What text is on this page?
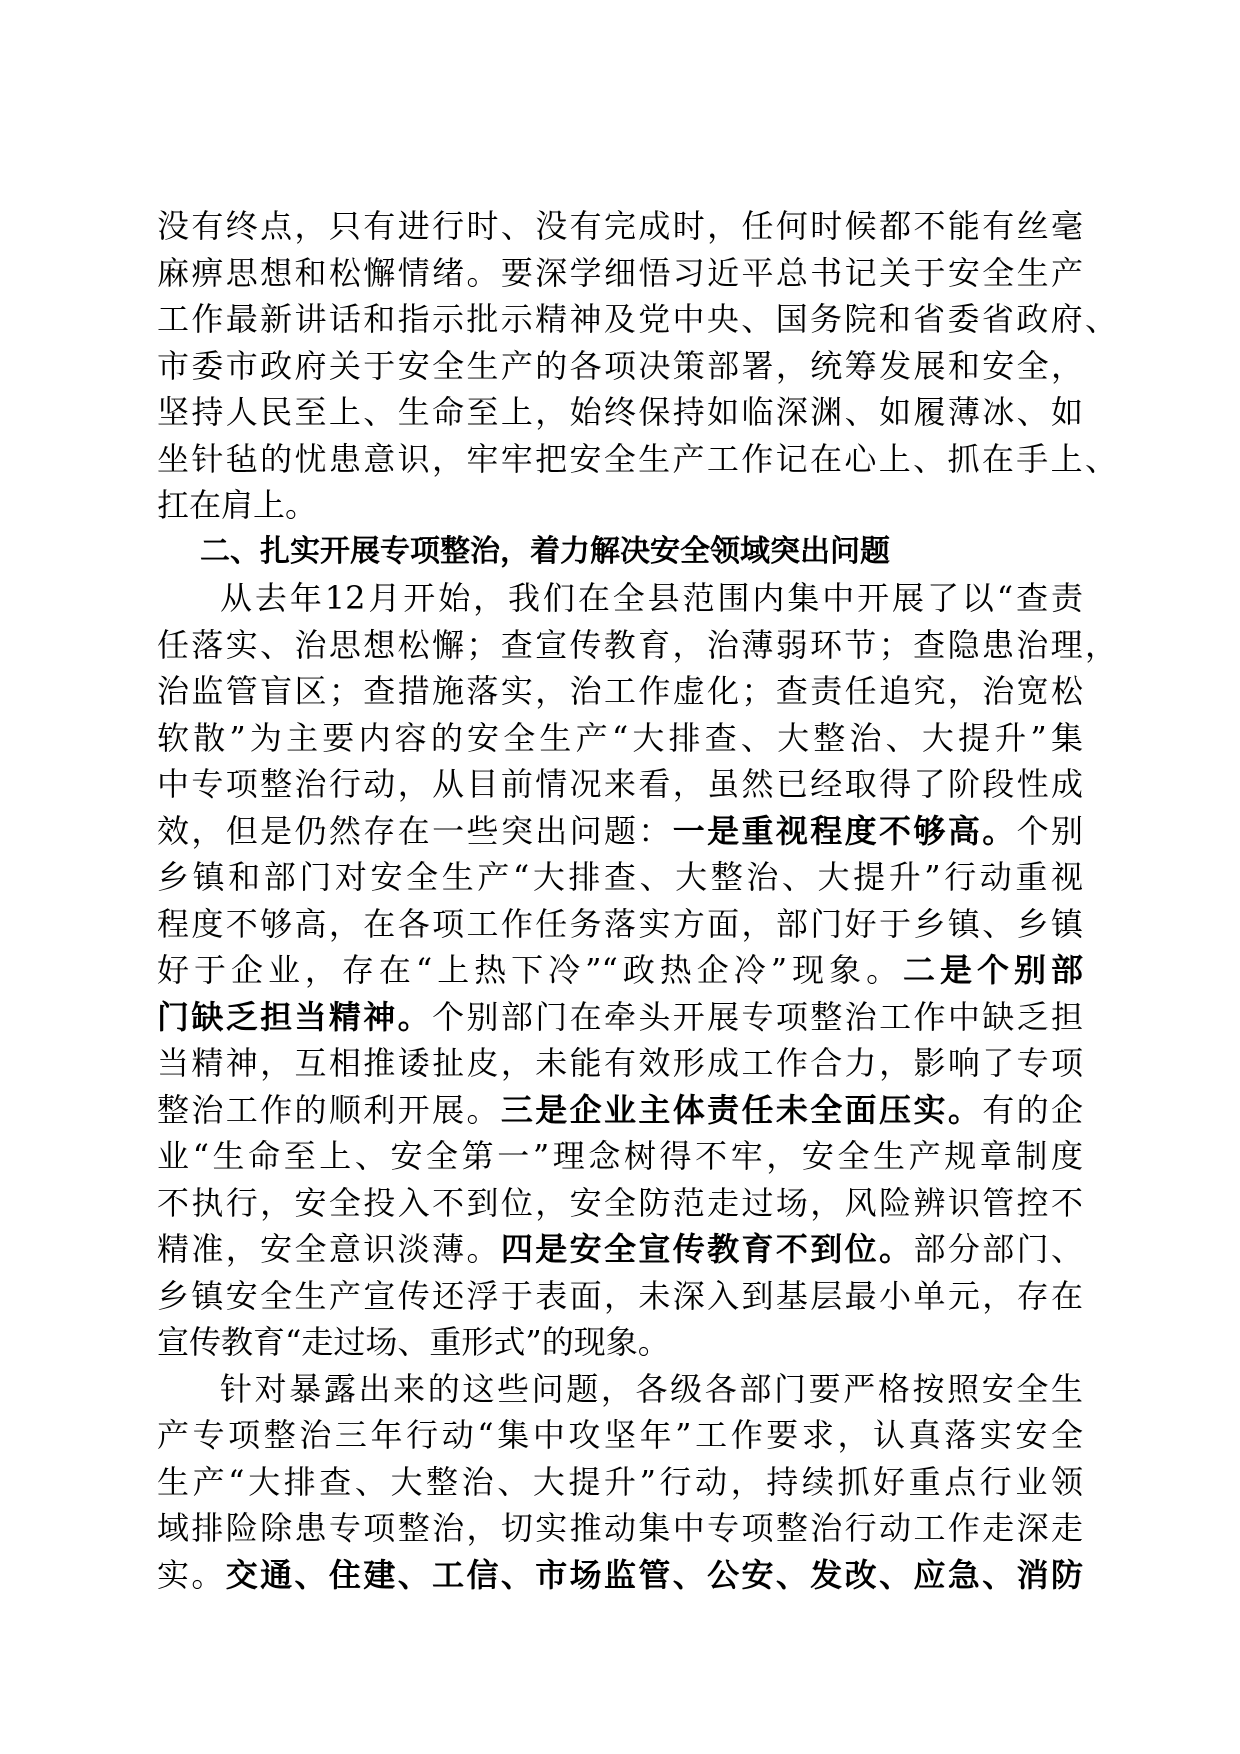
没有终点，只有进行时、没有完成时，任何时候都不能有丝毫
麻痹思想和松懈情绪。要深学细悟习近平总书记关于安全生产
工作最新讲话和指示批示精神及党中央、国务院和省委省政府、
市委市政府关于安全生产的各项决策部署，统筹发展和安全，
坚持人民至上、生命至上，始终保持如临深渊、如履薄冰、如
坐针毡的忧患意识，牢牢把安全生产工作记在心上、抓在手上、
扛在肩上。
二、扎实开展专项整治，着力解决安全领域突出问题
从去年12月开始，我们在全县范围内集中开展了以“查责
任落实、治思想松懈；查宣传教育，治薄弱环节；查隐患治理，
治监管盲区；查措施落实，治工作虚化；查责任追究，治宽松
软散”为主要内容的安全生产“大排查、大整治、大提升”集
中专项整治行动，从目前情况来看，虽然已经取得了阶段性成
效，但是仍然存在一些突出问题：一是重视程度不够高。个别
乡镇和部门对安全生产“大排查、大整治、大提升”行动重视
程度不够高，在各项工作任务落实方面，部门好于乡镇、乡镇
好于企业，存在“上热下冷”“政热企冷”现象。二是个别部
门缺乏担当精神。个别部门在牵头开展专项整治工作中缺乏担
当精神，互相推诿扯皮，未能有效形成工作合力，影响了专项
整治工作的顺利开展。三是企业主体责任未全面压实。有的企
业“生命至上、安全第一”理念树得不牢，安全生产规章制度
不执行，安全投入不到位，安全防范走过场，风险辨识管控不
精准，安全意识淡薄。四是安全宣传教育不到位。部分部门、
乡镇安全生产宣传还浮于表面，未深入到基层最小单元，存在
宣传教育“走过场、重形式”的现象。
针对暴露出来的这些问题，各级各部门要严格按照安全生
产专项整治三年行动“集中攻坚年”工作要求，认真落实安全
生产“大排查、大整治、大提升”行动，持续抓好重点行业领
域排险除患专项整治，切实推动集中专项整治行动工作走深走
实。交通、住建、工信、市场监管、公安、发改、应急、消防
